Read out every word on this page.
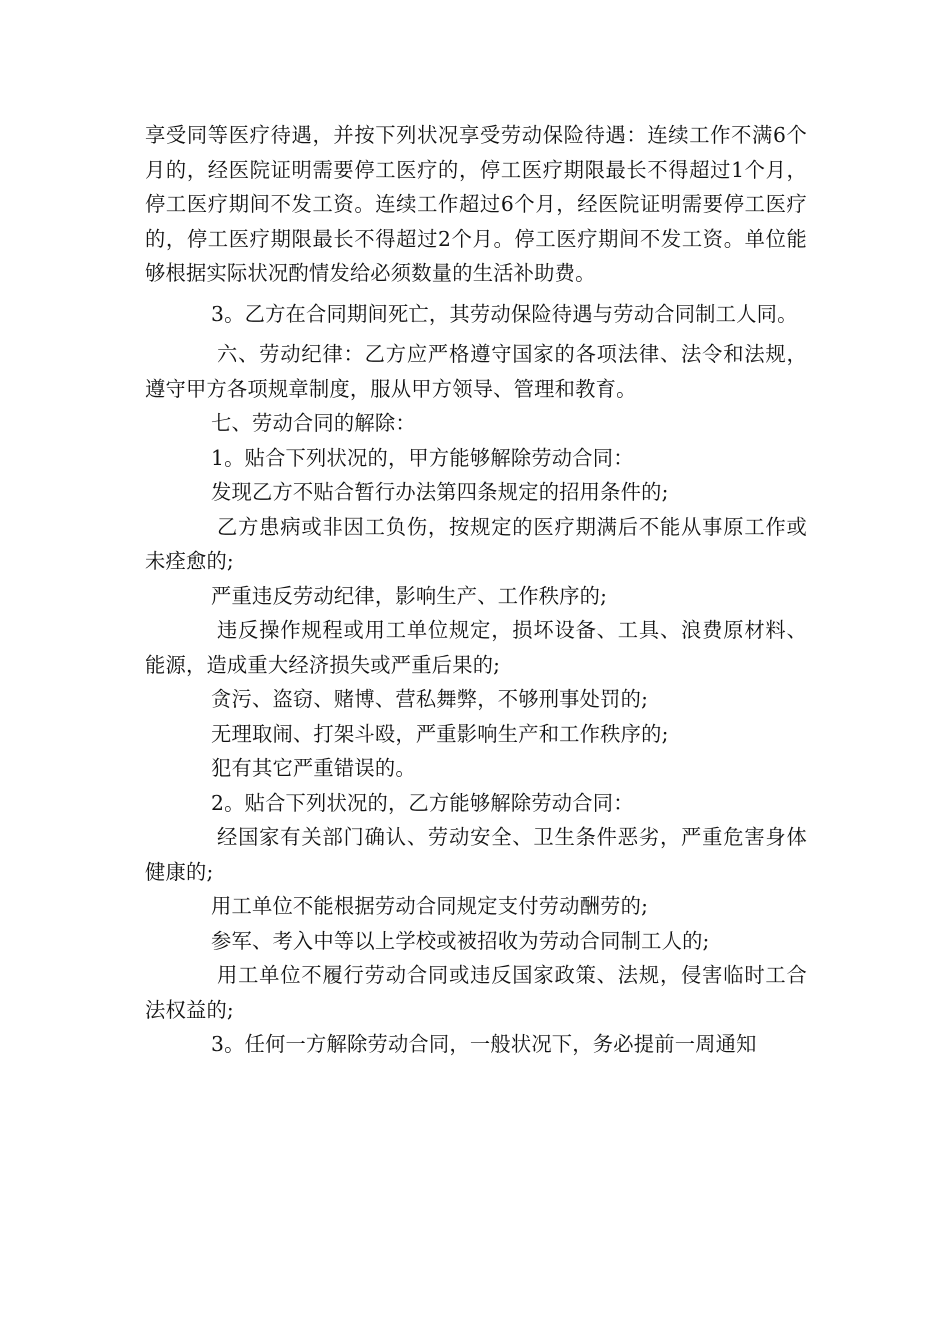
享受同等医疗待遇，并按下列状况享受劳动保险待遇：连续工作不满6个月的，经医院证明需要停工医疗的，停工医疗期限最长不得超过1个月，停工医疗期间不发工资。连续工作超过6个月，经医院证明需要停工医疗的，停工医疗期限最长不得超过2个月。停工医疗期间不发工资。单位能够根据实际状况酌情发给必须数量的生活补助费。

3。乙方在合同期间死亡，其劳动保险待遇与劳动合同制工人同。

六、劳动纪律：乙方应严格遵守国家的各项法律、法令和法规，遵守甲方各项规章制度，服从甲方领导、管理和教育。

七、劳动合同的解除：

1。贴合下列状况的，甲方能够解除劳动合同：

发现乙方不贴合暂行办法第四条规定的招用条件的;

乙方患病或非因工负伤，按规定的医疗期满后不能从事原工作或未痊愈的;

严重违反劳动纪律，影响生产、工作秩序的;

违反操作规程或用工单位规定，损坏设备、工具、浪费原材料、能源，造成重大经济损失或严重后果的;

贪污、盗窃、赌博、营私舞弊，不够刑事处罚的;

无理取闹、打架斗殴，严重影响生产和工作秩序的;

犯有其它严重错误的。

2。贴合下列状况的，乙方能够解除劳动合同：

经国家有关部门确认、劳动安全、卫生条件恶劣，严重危害身体健康的;

用工单位不能根据劳动合同规定支付劳动酬劳的;

参军、考入中等以上学校或被招收为劳动合同制工人的;

用工单位不履行劳动合同或违反国家政策、法规，侵害临时工合法权益的;

3。任何一方解除劳动合同，一般状况下，务必提前一周通知
